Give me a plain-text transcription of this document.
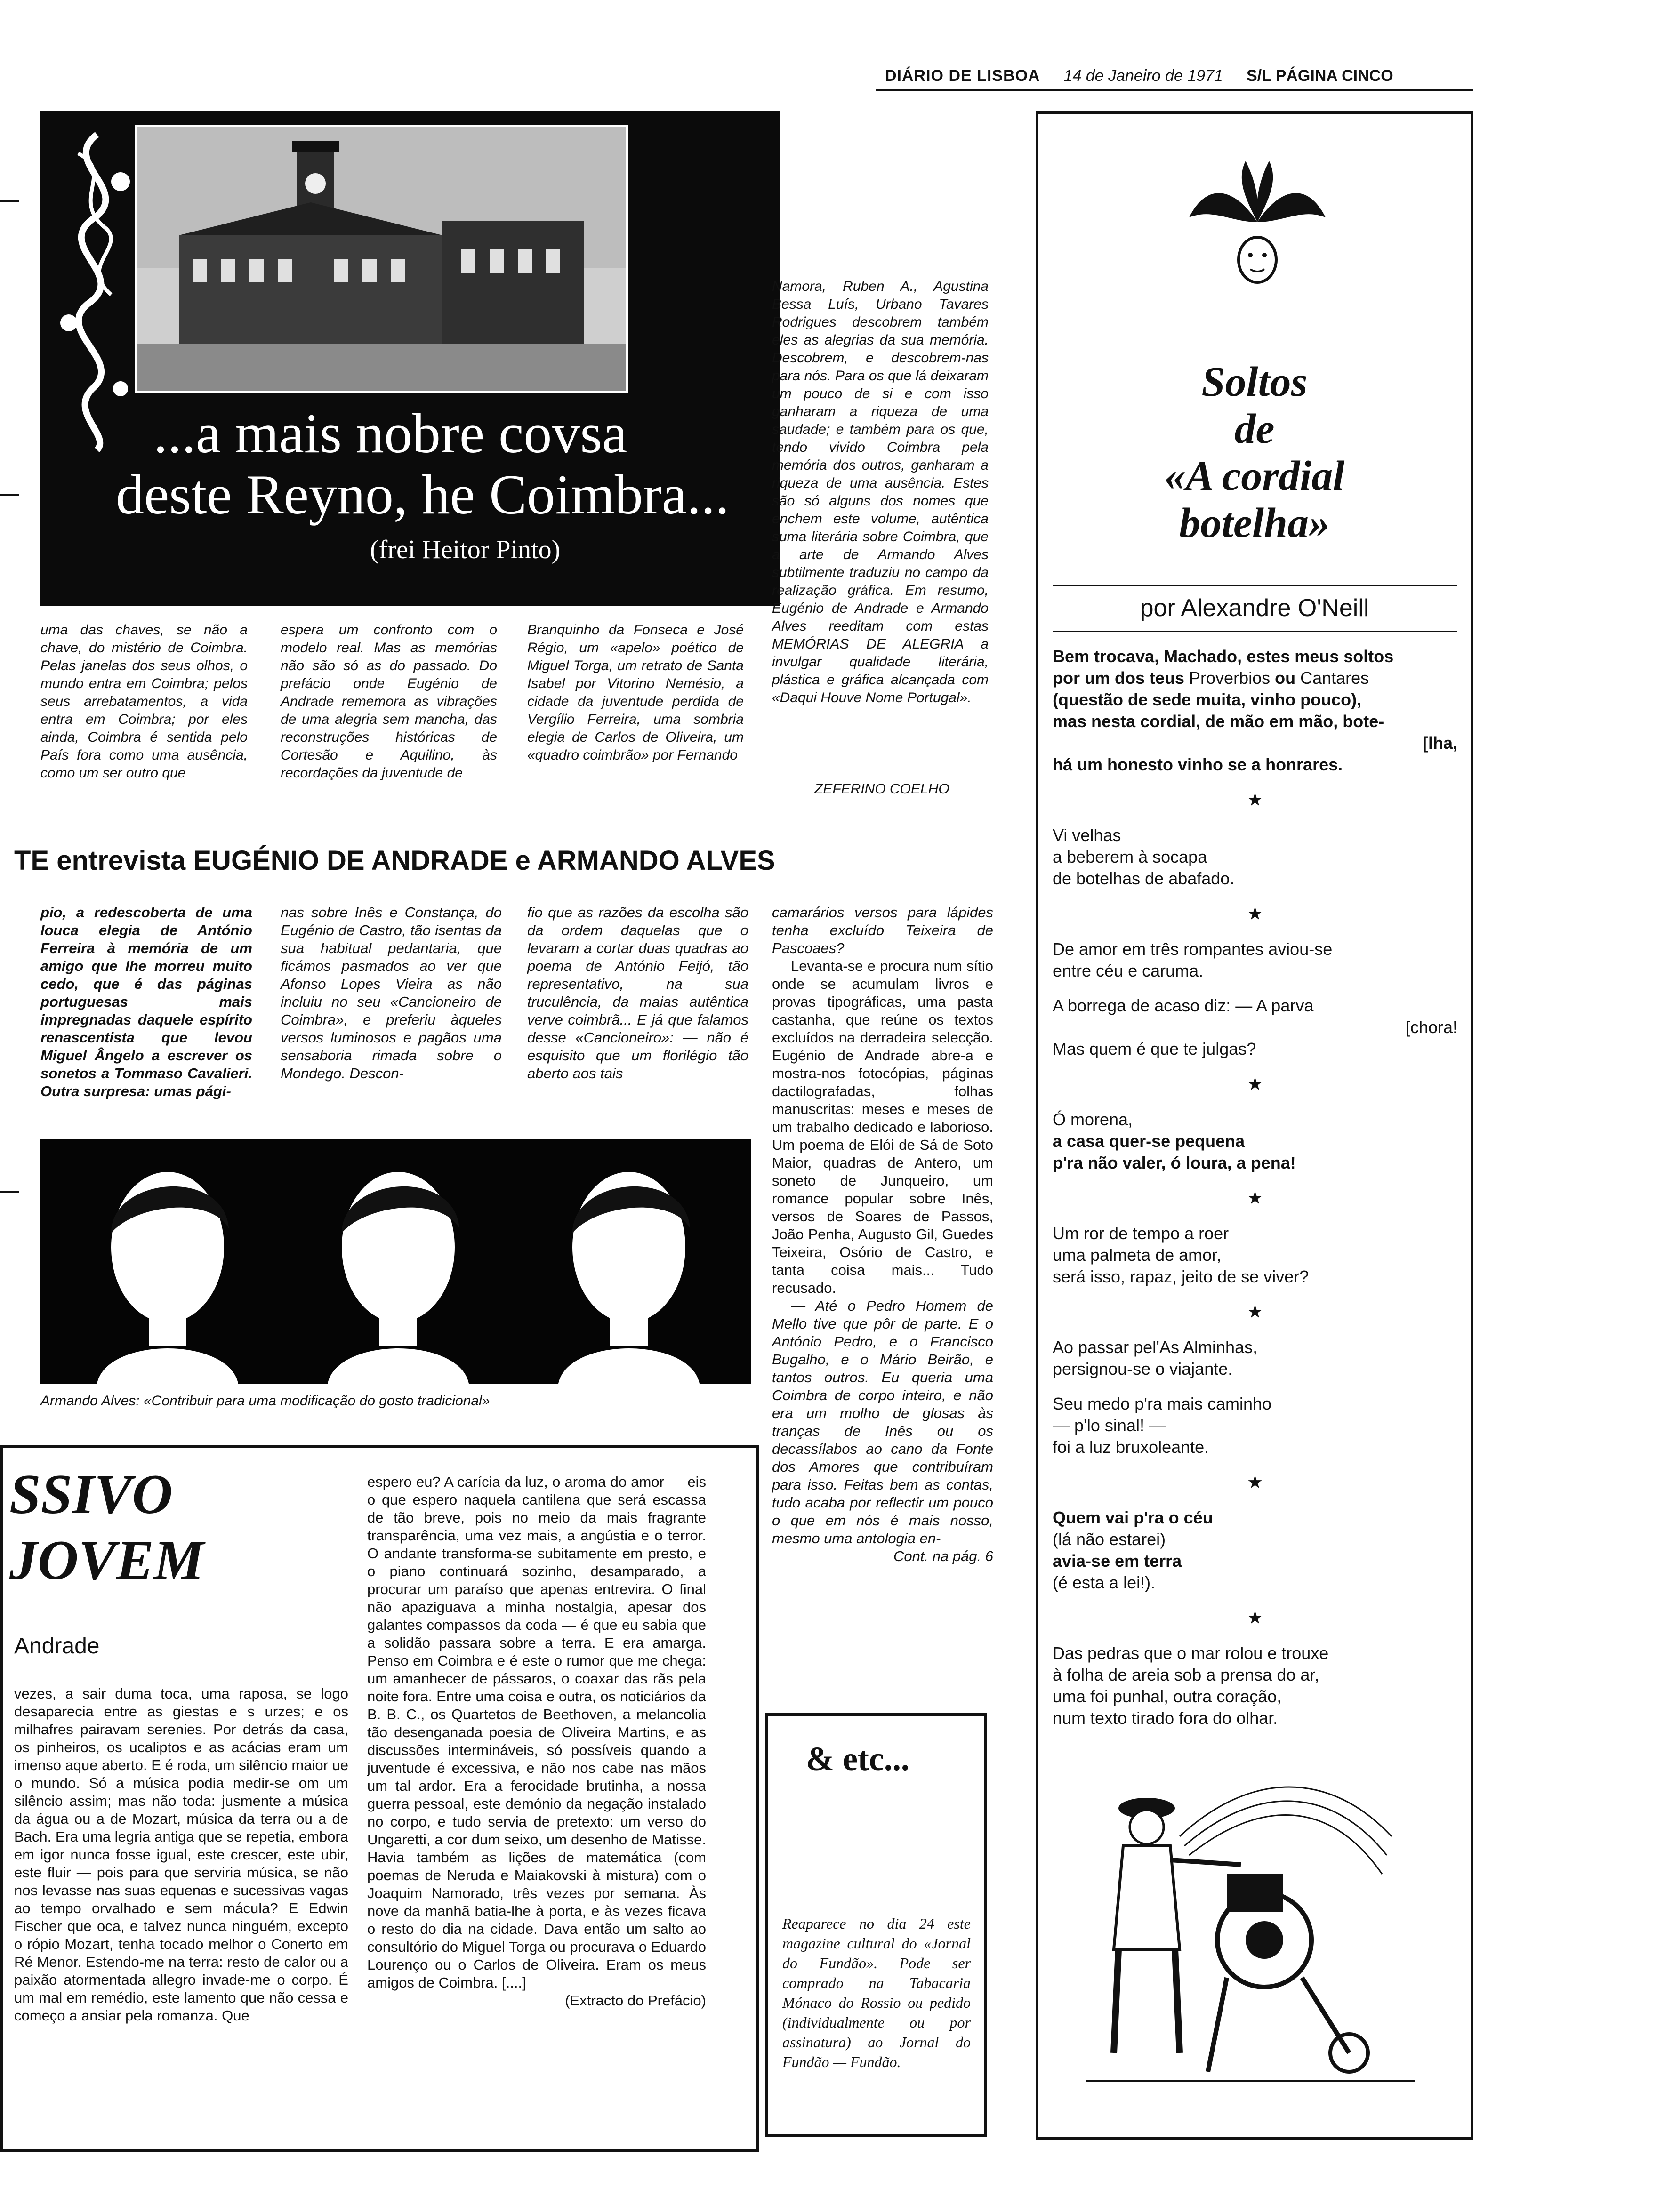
DIÁRIO DE LISBOA 14 de Janeiro de 1971 S/L PÁGINA CINCO
...a mais nobre covsa
deste Reyno, he Coimbra...
(frei Heitor Pinto)
uma das chaves, se não a chave, do mistério de Coimbra. Pelas janelas dos seus olhos, o mundo entra em Coimbra; pelos seus arrebatamentos, a vida entra em Coimbra; por eles ainda, Coimbra é sentida pelo País fora como uma ausência, como um ser outro que
espera um confronto com o modelo real. Mas as memórias não são só as do passado. Do prefácio onde Eugénio de Andrade rememora as vibrações de uma alegria sem mancha, das reconstruções históricas de Cortesão e Aquilino, às recordações da juventude de
Branquinho da Fonseca e José Régio, um «apelo» poético de Miguel Torga, um retrato de Santa Isabel por Vitorino Nemésio, a cidade da juventude perdida de Vergílio Ferreira, uma sombria elegia de Carlos de Oliveira, um «quadro coimbrão» por Fernando
Namora, Ruben A., Agustina Bessa Luís, Urbano Tavares Rodrigues descobrem também eles as alegrias da sua memória. Descobrem, e descobrem-nas para nós. Para os que lá deixaram um pouco de si e com isso ganharam a riqueza de uma saudade; e também para os que, tendo vivido Coimbra pela memória dos outros, ganharam a riqueza de uma ausência. Estes são só alguns dos nomes que enchem este volume, autêntica suma literária sobre Coimbra, que a arte de Armando Alves subtilmente traduziu no campo da realização gráfica. Em resumo, Eugénio de Andrade e Armando Alves reeditam com estas MEMÓRIAS DE ALEGRIA a invulgar qualidade literária, plástica e gráfica alcançada com «Daqui Houve Nome Portugal».
ZEFERINO COELHO
TE entrevista EUGÉNIO DE ANDRADE e ARMANDO ALVES
pio, a redescoberta de uma louca elegia de António Ferreira à memória de um amigo que lhe morreu muito cedo, que é das páginas portuguesas mais impregnadas daquele espírito renascentista que levou Miguel Ângelo a escrever os sonetos a Tommaso Cavalieri. Outra surpresa: umas pági-
nas sobre Inês e Constança, do Eugénio de Castro, tão isentas da sua habitual pedantaria, que ficámos pasmados ao ver que Afonso Lopes Vieira as não incluiu no seu «Cancioneiro de Coimbra», e preferiu àqueles versos luminosos e pagãos uma sensaboria rimada sobre o Mondego. Descon-
fio que as razões da escolha são da ordem daquelas que o levaram a cortar duas quadras ao poema de António Feijó, tão representativo, na sua truculência, da maias autêntica verve coimbrã... E já que falamos desse «Cancioneiro»: — não é esquisito que um florilégio tão aberto aos tais

camarários versos para lápides tenha excluído Teixeira de Pascoaes?

Levanta-se e procura num sítio onde se acumulam livros e provas tipográficas, uma pasta castanha, que reúne os textos excluídos na derradeira selecção. Eugénio de Andrade abre-a e mostra-nos fotocópias, páginas dactilografadas, folhas manuscritas: meses e meses de um trabalho dedicado e laborioso. Um poema de Elói de Sá de Soto Maior, quadras de Antero, um soneto de Junqueiro, um romance popular sobre Inês, versos de Soares de Passos, João Penha, Augusto Gil, Guedes Teixeira, Osório de Castro, e tanta coisa mais... Tudo recusado.

— Até o Pedro Homem de Mello tive que pôr de parte. E o António Pedro, e o Francisco Bugalho, e o Mário Beirão, e tantos outros. Eu queria uma Coimbra de corpo inteiro, e não era um molho de glosas às tranças de Inês ou os decassílabos ao cano da Fonte dos Amores que contribuíram para isso. Feitas bem as contas, tudo acaba por reflectir um pouco o que em nós é mais nosso, mesmo uma antologia en-

Cont. na pág. 6

Armando Alves: «Contribuir para uma modificação do gosto tradicional»
SSIVO
JOVEM
Andrade
vezes, a sair duma toca, uma raposa, se logo desaparecia entre as giestas e s urzes; e os milhafres pairavam serenies. Por detrás da casa, os pinheiros, os ucaliptos e as acácias eram um imenso aque aberto. E é roda, um silêncio maior ue o mundo. Só a música podia medir-se om um silêncio assim; mas não toda: jusmente a música da água ou a de Mozart, música da terra ou a de Bach. Era uma legria antiga que se repetia, embora em igor nunca fosse igual, este crescer, este ubir, este fluir — pois para que serviria música, se não nos levasse nas suas equenas e sucessivas vagas ao tempo orvalhado e sem mácula? E Edwin Fischer que oca, e talvez nunca ninguém, excepto o rópio Mozart, tenha tocado melhor o Conerto em Ré Menor. Estendo-me na terra: resto de calor ou a paixão atormentada allegro invade-me o corpo. É um mal em remédio, este lamento que não cessa e começo a ansiar pela romanza. Que

espero eu? A carícia da luz, o aroma do amor — eis o que espero naquela cantilena que será escassa de tão breve, pois no meio da mais fragrante transparência, uma vez mais, a angústia e o terror. O andante transforma-se subitamente em presto, e o piano continuará sozinho, desamparado, a procurar um paraíso que apenas entrevira. O final não apaziguava a minha nostalgia, apesar dos galantes compassos da coda — é que eu sabia que a solidão passara sobre a terra. E era amarga. Penso em Coimbra e é este o rumor que me chega: um amanhecer de pássaros, o coaxar das rãs pela noite fora. Entre uma coisa e outra, os noticiários da B. B. C., os Quartetos de Beethoven, a melancolia tão desenganada poesia de Oliveira Martins, e as discussões intermináveis, só possíveis quando a juventude é excessiva, e não nos cabe nas mãos um tal ardor. Era a ferocidade brutinha, a nossa guerra pessoal, este demónio da negação instalado no corpo, e tudo servia de pretexto: um verso do Ungaretti, a cor dum seixo, um desenho de Matisse. Havia também as lições de matemática (com poemas de Neruda e Maiakovski à mistura) com o Joaquim Namorado, três vezes por semana. Às nove da manhã batia-lhe à porta, e às vezes ficava o resto do dia na cidade. Dava então um salto ao consultório do Miguel Torga ou procurava o Eduardo Lourenço ou o Carlos de Oliveira. Eram os meus amigos de Coimbra. [....]

(Extracto do Prefácio)

& etc...
Reaparece no dia 24 este magazine cultural do «Jornal do Fundão». Pode ser comprado na Tabacaria Mónaco do Rossio ou pedido (individualmente ou por assinatura) ao Jornal do Fundão — Fundão.
Soltos
de
«A cordial
botelha»
por Alexandre O'Neill
Bem trocava, Machado, estes meus soltos
por um dos teus Proverbios ou Cantares
(questão de sede muita, vinho pouco),
mas nesta cordial, de mão em mão, bote-
[lha,
há um honesto vinho se a honrares.
★
Vi velhas
a beberem à socapa
de botelhas de abafado.
★
De amor em três rompantes aviou-se
entre céu e caruma.
A borrega de acaso diz: — A parva
[chora!
Mas quem é que te julgas?
★
Ó morena,
a casa quer-se pequena
p'ra não valer, ó loura, a pena!
★
Um ror de tempo a roer
uma palmeta de amor,
será isso, rapaz, jeito de se viver?
★
Ao passar pel'As Alminhas,
persignou-se o viajante.
Seu medo p'ra mais caminho
— p'lo sinal! —
foi a luz bruxoleante.
★
Quem vai p'ra o céu
(lá não estarei)
avia-se em terra
(é esta a lei!).
★
Das pedras que o mar rolou e trouxe
à folha de areia sob a prensa do ar,
uma foi punhal, outra coração,
num texto tirado fora do olhar.
